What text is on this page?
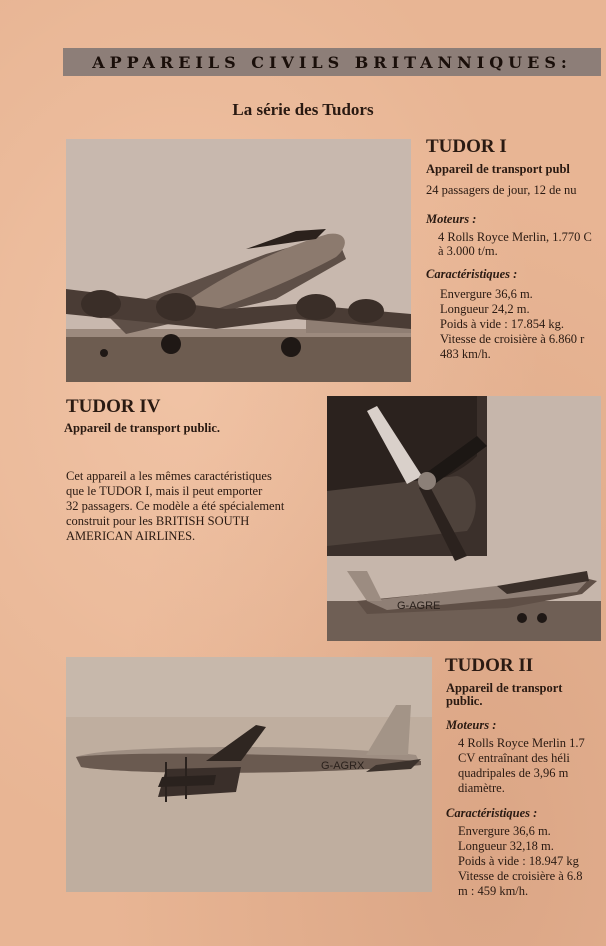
APPAREILS CIVILS BRITANNIQUES:
La série des Tudors
TUDOR I
Appareil de transport publ
24 passagers de jour, 12 de nu
Moteurs :
4 Rolls Royce Merlin, 1.770 C
à 3.000 t/m.
Caractéristiques :
Envergure 36,6 m.
Longueur 24,2 m.
Poids à vide : 17.854 kg.
Vitesse de croisière à 6.860 r
483 km/h.
TUDOR IV
Appareil de transport public.
Cet appareil a les mêmes caractéristiques
que le TUDOR I, mais il peut emporter
32 passagers. Ce modèle a été spécialement
construit pour les BRITISH SOUTH
AMERICAN AIRLINES.
G-AGRE
G-AGRX
TUDOR II
Appareil de transport
public.
Moteurs :
4 Rolls Royce Merlin 1.7
CV entraînant des héli
quadripales de 3,96 m
diamètre.
Caractéristiques :
Envergure 36,6 m.
Longueur 32,18 m.
Poids à vide : 18.947 kg
Vitesse de croisière à 6.8
m : 459 km/h.
